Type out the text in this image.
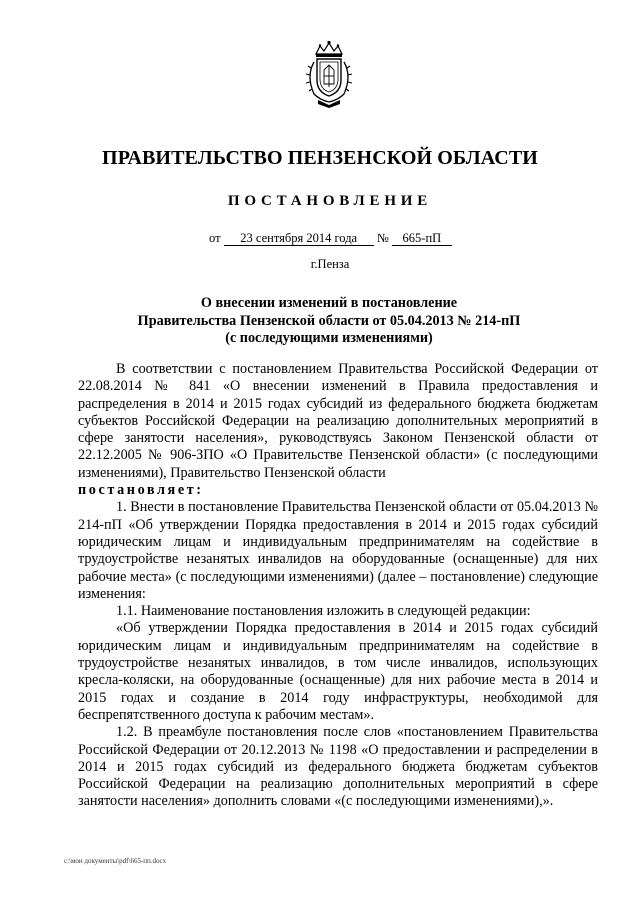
ПРАВИТЕЛЬСТВО ПЕНЗЕНСКОЙ ОБЛАСТИ
ПОСТАНОВЛЕНИЕ
от 23 сентября 2014 года № 665-пП
г.Пенза
О внесении изменений в постановление
Правительства Пензенской области от 05.04.2013 № 214-пП
(с последующими изменениями)

В соответствии с постановлением Правительства Российской Федерации от 22.08.2014 № 841 «О внесении изменений в Правила предоставления и распределения в 2014 и 2015 годах субсидий из федерального бюджета бюджетам субъектов Российской Федерации на реализацию дополнительных мероприятий в сфере занятости населения», руководствуясь Законом Пензенской области от 22.12.2005 № 906-ЗПО «О Правительстве Пензенской области» (с последующими изменениями), Правительство Пензенской области

постановляет:

1. Внести в постановление Правительства Пензенской области от 05.04.2013 № 214-пП «Об утверждении Порядка предоставления в 2014 и 2015 годах субсидий юридическим лицам и индивидуальным предпринимателям на содействие в трудоустройстве незанятых инвалидов на оборудованные (оснащенные) для них рабочие места» (с последующими изменениями) (далее – постановление) следующие изменения:

1.1. Наименование постановления изложить в следующей редакции:

«Об утверждении Порядка предоставления в 2014 и 2015 годах субсидий юридическим лицам и индивидуальным предпринимателям на содействие в трудоустройстве незанятых инвалидов, в том числе инвалидов, использующих кресла-коляски, на оборудованные (оснащенные) для них рабочие места в 2014 и 2015 годах и создание в 2014 году инфраструктуры, необходимой для беспрепятственного доступа к рабочим местам».

1.2. В преамбуле постановления после слов «постановлением Правительства Российской Федерации от 20.12.2013 № 1198 «О предоставлении и распределении в 2014 и 2015 годах субсидий из федерального бюджета бюджетам субъектов Российской Федерации на реализацию дополнительных мероприятий в сфере занятости населения» дополнить словами «(с последующими изменениями),».

c:\мои документы\pdf\665-пп.docx
